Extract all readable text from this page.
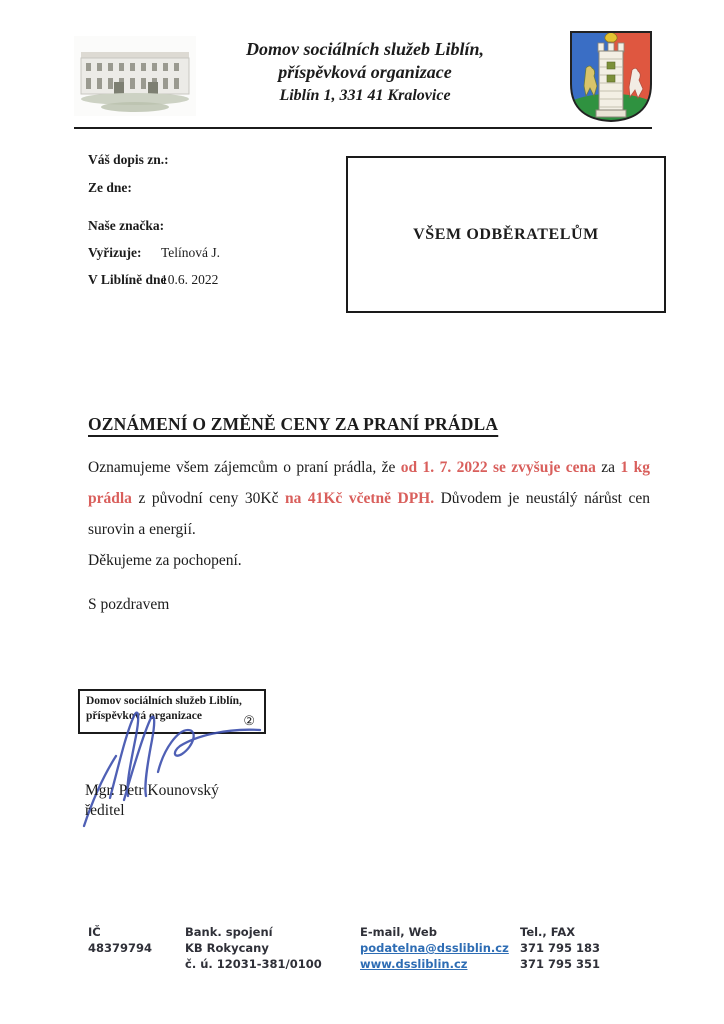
Domov sociálních služeb Liblín,
příspěvková organizace
Liblín 1, 331 41 Kralovice
Váš dopis zn.:
Ze dne:
Naše značka:
Vyřizuje: Telínová J.
V Liblíně dne
10.6. 2022
VŠEM ODBĚRATELŮM
OZNÁMENÍ O ZMĚNĚ CENY ZA PRANÍ PRÁDLA

Oznamujeme všem zájemcům o praní prádla, že od 1. 7. 2022 se zvyšuje cena za 1 kg prádla z původní ceny 30Kč na 41Kč včetně DPH. Důvodem je neustálý nárůst cen surovin a energií.

Děkujeme za pochopení.

S pozdravem
Domov sociálních služeb Liblín,
příspěvková organizace	②
Mgr. Petr Kounovský
ředitel
IČ
48379794
Bank. spojení
KB Rokycany
č. ú. 12031-381/0100
E-mail, Web
podatelna@dssliblin.cz
www.dssliblin.cz
Tel., FAX
371 795 183
371 795 351
